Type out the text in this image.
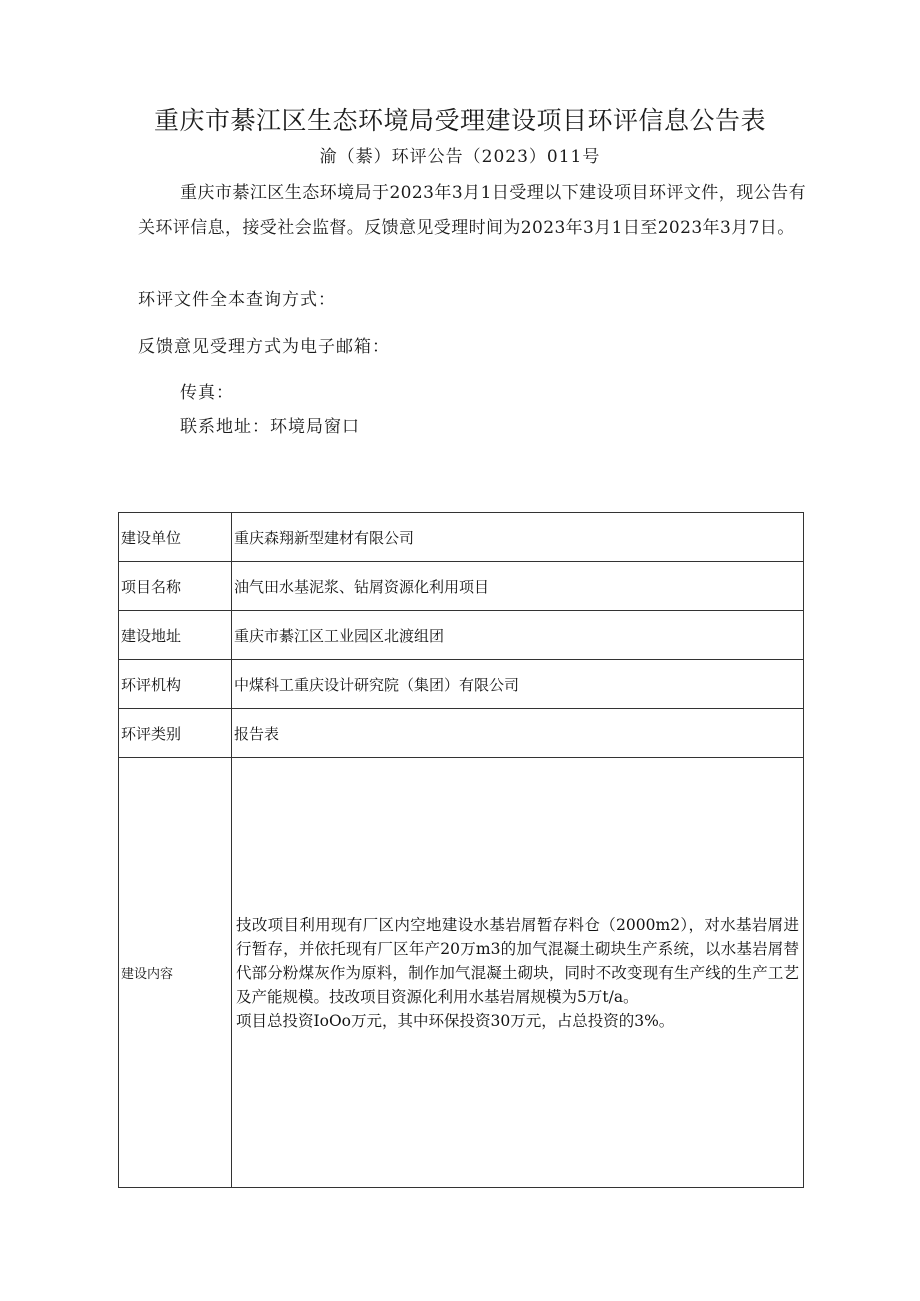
重庆市綦江区生态环境局受理建设项目环评信息公告表
渝（綦）环评公告（2023）011号

重庆市綦江区生态环境局于2023年3月1日受理以下建设项目环评文件，现公告有关环评信息，接受社会监督。反馈意见受理时间为2023年3月1日至2023年3月7日。

环评文件全本查询方式：
反馈意见受理方式为电子邮箱：
传真：
联系地址：环境局窗口
建设单位	重庆森翔新型建材有限公司
项目名称	油气田水基泥浆、钻屑资源化利用项目
建设地址	重庆市綦江区工业园区北渡组团
环评机构	中煤科工重庆设计研究院（集团）有限公司
环评类别	报告表
建设内容	技改项目利用现有厂区内空地建设水基岩屑暂存料仓（2000m2），对水基岩屑进行暂存，并依托现有厂区年产20万m3的加气混凝土砌块生产系统，以水基岩屑替代部分粉煤灰作为原料，制作加气混凝土砌块，同时不改变现有生产线的生产工艺及产能规模。技改项目资源化利用水基岩屑规模为5万t/a。

项目总投资IoOo万元，其中环保投资30万元，占总投资的3%。
